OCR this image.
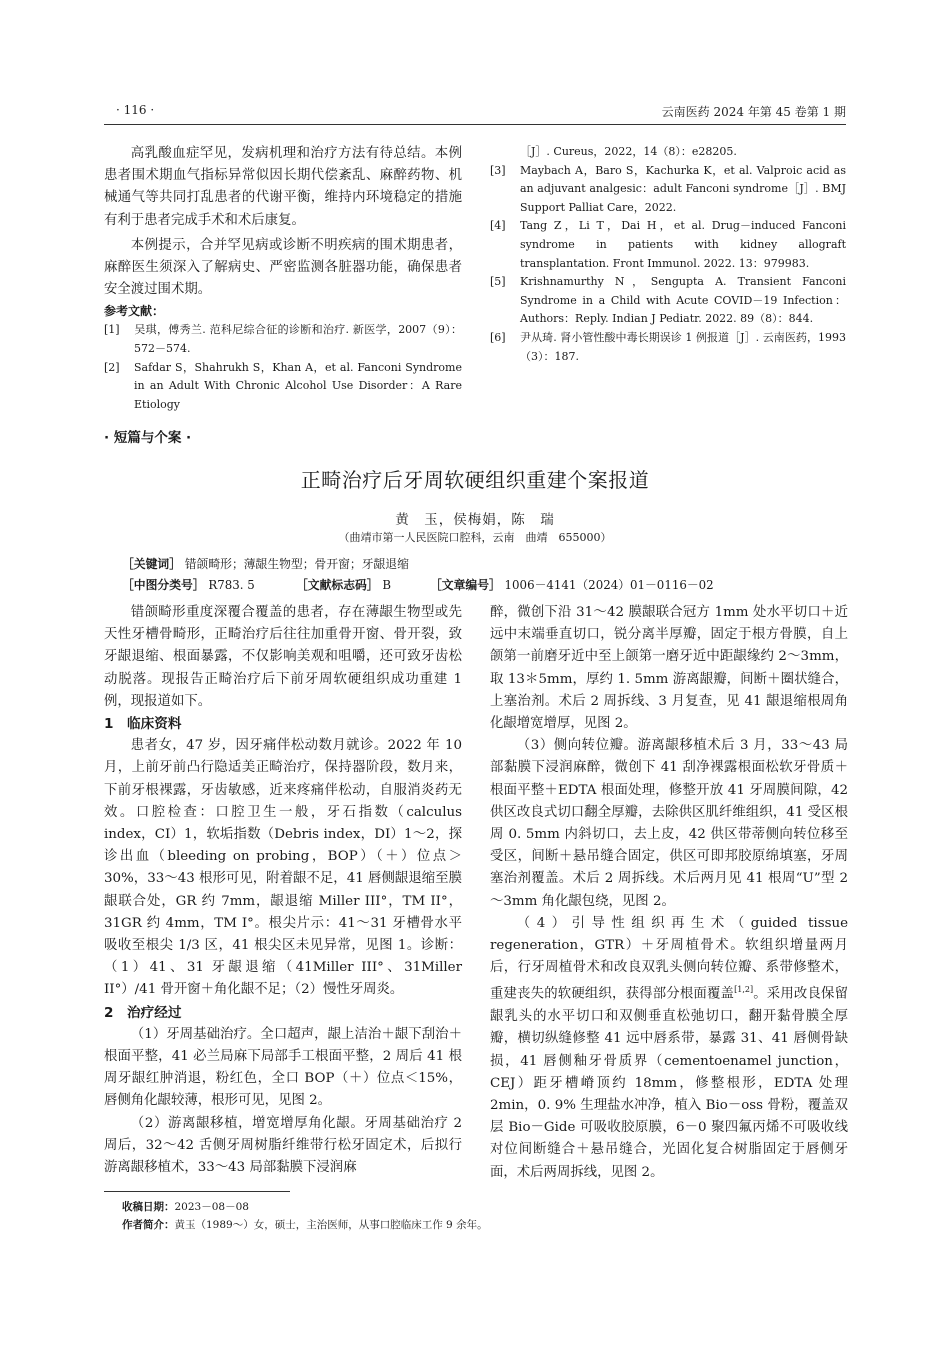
· 116 ·	云南医药 2024 年第 45 卷第 1 期

高乳酸血症罕见，发病机理和治疗方法有待总结。本例患者围术期血气指标异常似因长期代偿紊乱、麻醉药物、机械通气等共同打乱患者的代谢平衡，维持内环境稳定的措施有利于患者完成手术和术后康复。

本例提示，合并罕见病或诊断不明疾病的围术期患者，麻醉医生须深入了解病史、严密监测各脏器功能，确保患者安全渡过围术期。

参考文献：

[1] 吴琪，傅秀兰. 范科尼综合征的诊断和治疗. 新医学，2007（9）：572－574.

[2] Safdar S，Shahrukh S，Khan A，et al. Fanconi Syndrome in an Adult With Chronic Alcohol Use Disorder：A Rare Etiology

［J］. Cureus，2022，14（8）：e28205.

[3] Maybach A，Baro S，Kachurka K，et al. Valproic acid as an adjuvant analgesic：adult Fanconi syndrome［J］. BMJ Support Palliat Care，2022.

[4] Tang Z，Li T，Dai H，et al. Drug－induced Fanconi syndrome in patients with kidney allograft transplantation. Front Immunol. 2022. 13：979983.

[5] Krishnamurthy N，Sengupta A. Transient Fanconi Syndrome in a Child with Acute COVID－19 Infection：Authors：Reply. Indian J Pediatr. 2022. 89（8）：844.

[6] 尹从琦. 肾小管性酸中毒长期误诊 1 例报道［J］. 云南医药，1993（3）：187.

· 短篇与个案 ·
正畸治疗后牙周软硬组织重建个案报道
黄　玉，侯梅娟，陈　瑞
（曲靖市第一人民医院口腔科，云南　曲靖　655000）
［关键词］ 错颌畸形；薄龈生物型；骨开窗；牙龈退缩
［中图分类号］ R783. 5	［文献标志码］ B	［文章编号］ 1006－4141（2024）01－0116－02

错颌畸形重度深覆合覆盖的患者，存在薄龈生物型或先天性牙槽骨畸形，正畸治疗后往往加重骨开窗、骨开裂，致牙龈退缩、根面暴露，不仅影响美观和咀嚼，还可致牙齿松动脱落。现报告正畸治疗后下前牙周软硬组织成功重建 1 例，现报道如下。

1　临床资料

患者女，47 岁，因牙痛伴松动数月就诊。2022 年 10 月，上前牙前凸行隐适美正畸治疗，保持器阶段，数月来，下前牙根裸露，牙齿敏感，近来疼痛伴松动，自服消炎药无效。口腔检查：口腔卫生一般，牙石指数（calculus index，CI）1，软垢指数（Debris index，DI）1～2，探诊出血（bleeding on probing，BOP）（＋）位点＞30%，33～43 根形可见，附着龈不足，41 唇侧龈退缩至膜龈联合处，GR 约 7mm，龈退缩 Miller III°，TM II°，31GR 约 4mm，TM I°。根尖片示：41～31 牙槽骨水平吸收至根尖 1/3 区，41 根尖区未见异常，见图 1。诊断：（1）41、31 牙龈退缩（41Miller III°、31Miller II°）/41 骨开窗＋角化龈不足；（2）慢性牙周炎。

2　治疗经过

（1）牙周基础治疗。全口超声，龈上洁治＋龈下刮治＋根面平整，41 必兰局麻下局部手工根面平整，2 周后 41 根周牙龈红肿消退，粉红色，全口 BOP（＋）位点＜15%，唇侧角化龈较薄，根形可见，见图 2。

（2）游离龈移植，增宽增厚角化龈。牙周基础治疗 2 周后，32～42 舌侧牙周树脂纤维带行松牙固定术，后拟行游离龈移植术，33～43 局部黏膜下浸润麻

醉，微创下沿 31～42 膜龈联合冠方 1mm 处水平切口＋近远中末端垂直切口，锐分离半厚瓣，固定于根方骨膜，自上颌第一前磨牙近中至上颌第一磨牙近中距龈缘约 2～3mm，取 13＊5mm，厚约 1. 5mm 游离龈瓣，间断＋圈状缝合，上塞治剂。术后 2 周拆线、3 月复查，见 41 龈退缩根周角化龈增宽增厚，见图 2。

（3）侧向转位瓣。游离龈移植术后 3 月，33～43 局部黏膜下浸润麻醉，微创下 41 刮净裸露根面松软牙骨质＋根面平整＋EDTA 根面处理，修整开放 41 牙周膜间隙，42 供区改良式切口翻全厚瓣，去除供区肌纤维组织，41 受区根周 0. 5mm 内斜切口，去上皮，42 供区带蒂侧向转位移至受区，间断＋悬吊缝合固定，供区可即邦胶原绵填塞，牙周塞治剂覆盖。术后 2 周拆线。术后两月见 41 根周“U”型 2～3mm 角化龈包绕，见图 2。

（4）引导性组织再生术（guided tissue regeneration，GTR）＋牙周植骨术。软组织增量两月后，行牙周植骨术和改良双乳头侧向转位瓣、系带修整术，重建丧失的软硬组织，获得部分根面覆盖[1,2]。采用改良保留龈乳头的水平切口和双侧垂直松弛切口，翻开黏骨膜全厚瓣，横切纵缝修整 41 远中唇系带，暴露 31、41 唇侧骨缺损，41 唇侧釉牙骨质界（cementoenamel junction，CEJ）距牙槽嵴顶约 18mm，修整根形，EDTA 处理 2min，0. 9% 生理盐水冲净，植入 Bio－oss 骨粉，覆盖双层 Bio－Gide 可吸收胶原膜，6－0 聚四氟丙烯不可吸收线对位间断缝合＋悬吊缝合，光固化复合树脂固定于唇侧牙面，术后两周拆线，见图 2。

收稿日期：2023－08－08
作者简介：黄玉（1989～）女，硕士，主治医师，从事口腔临床工作 9 余年。
